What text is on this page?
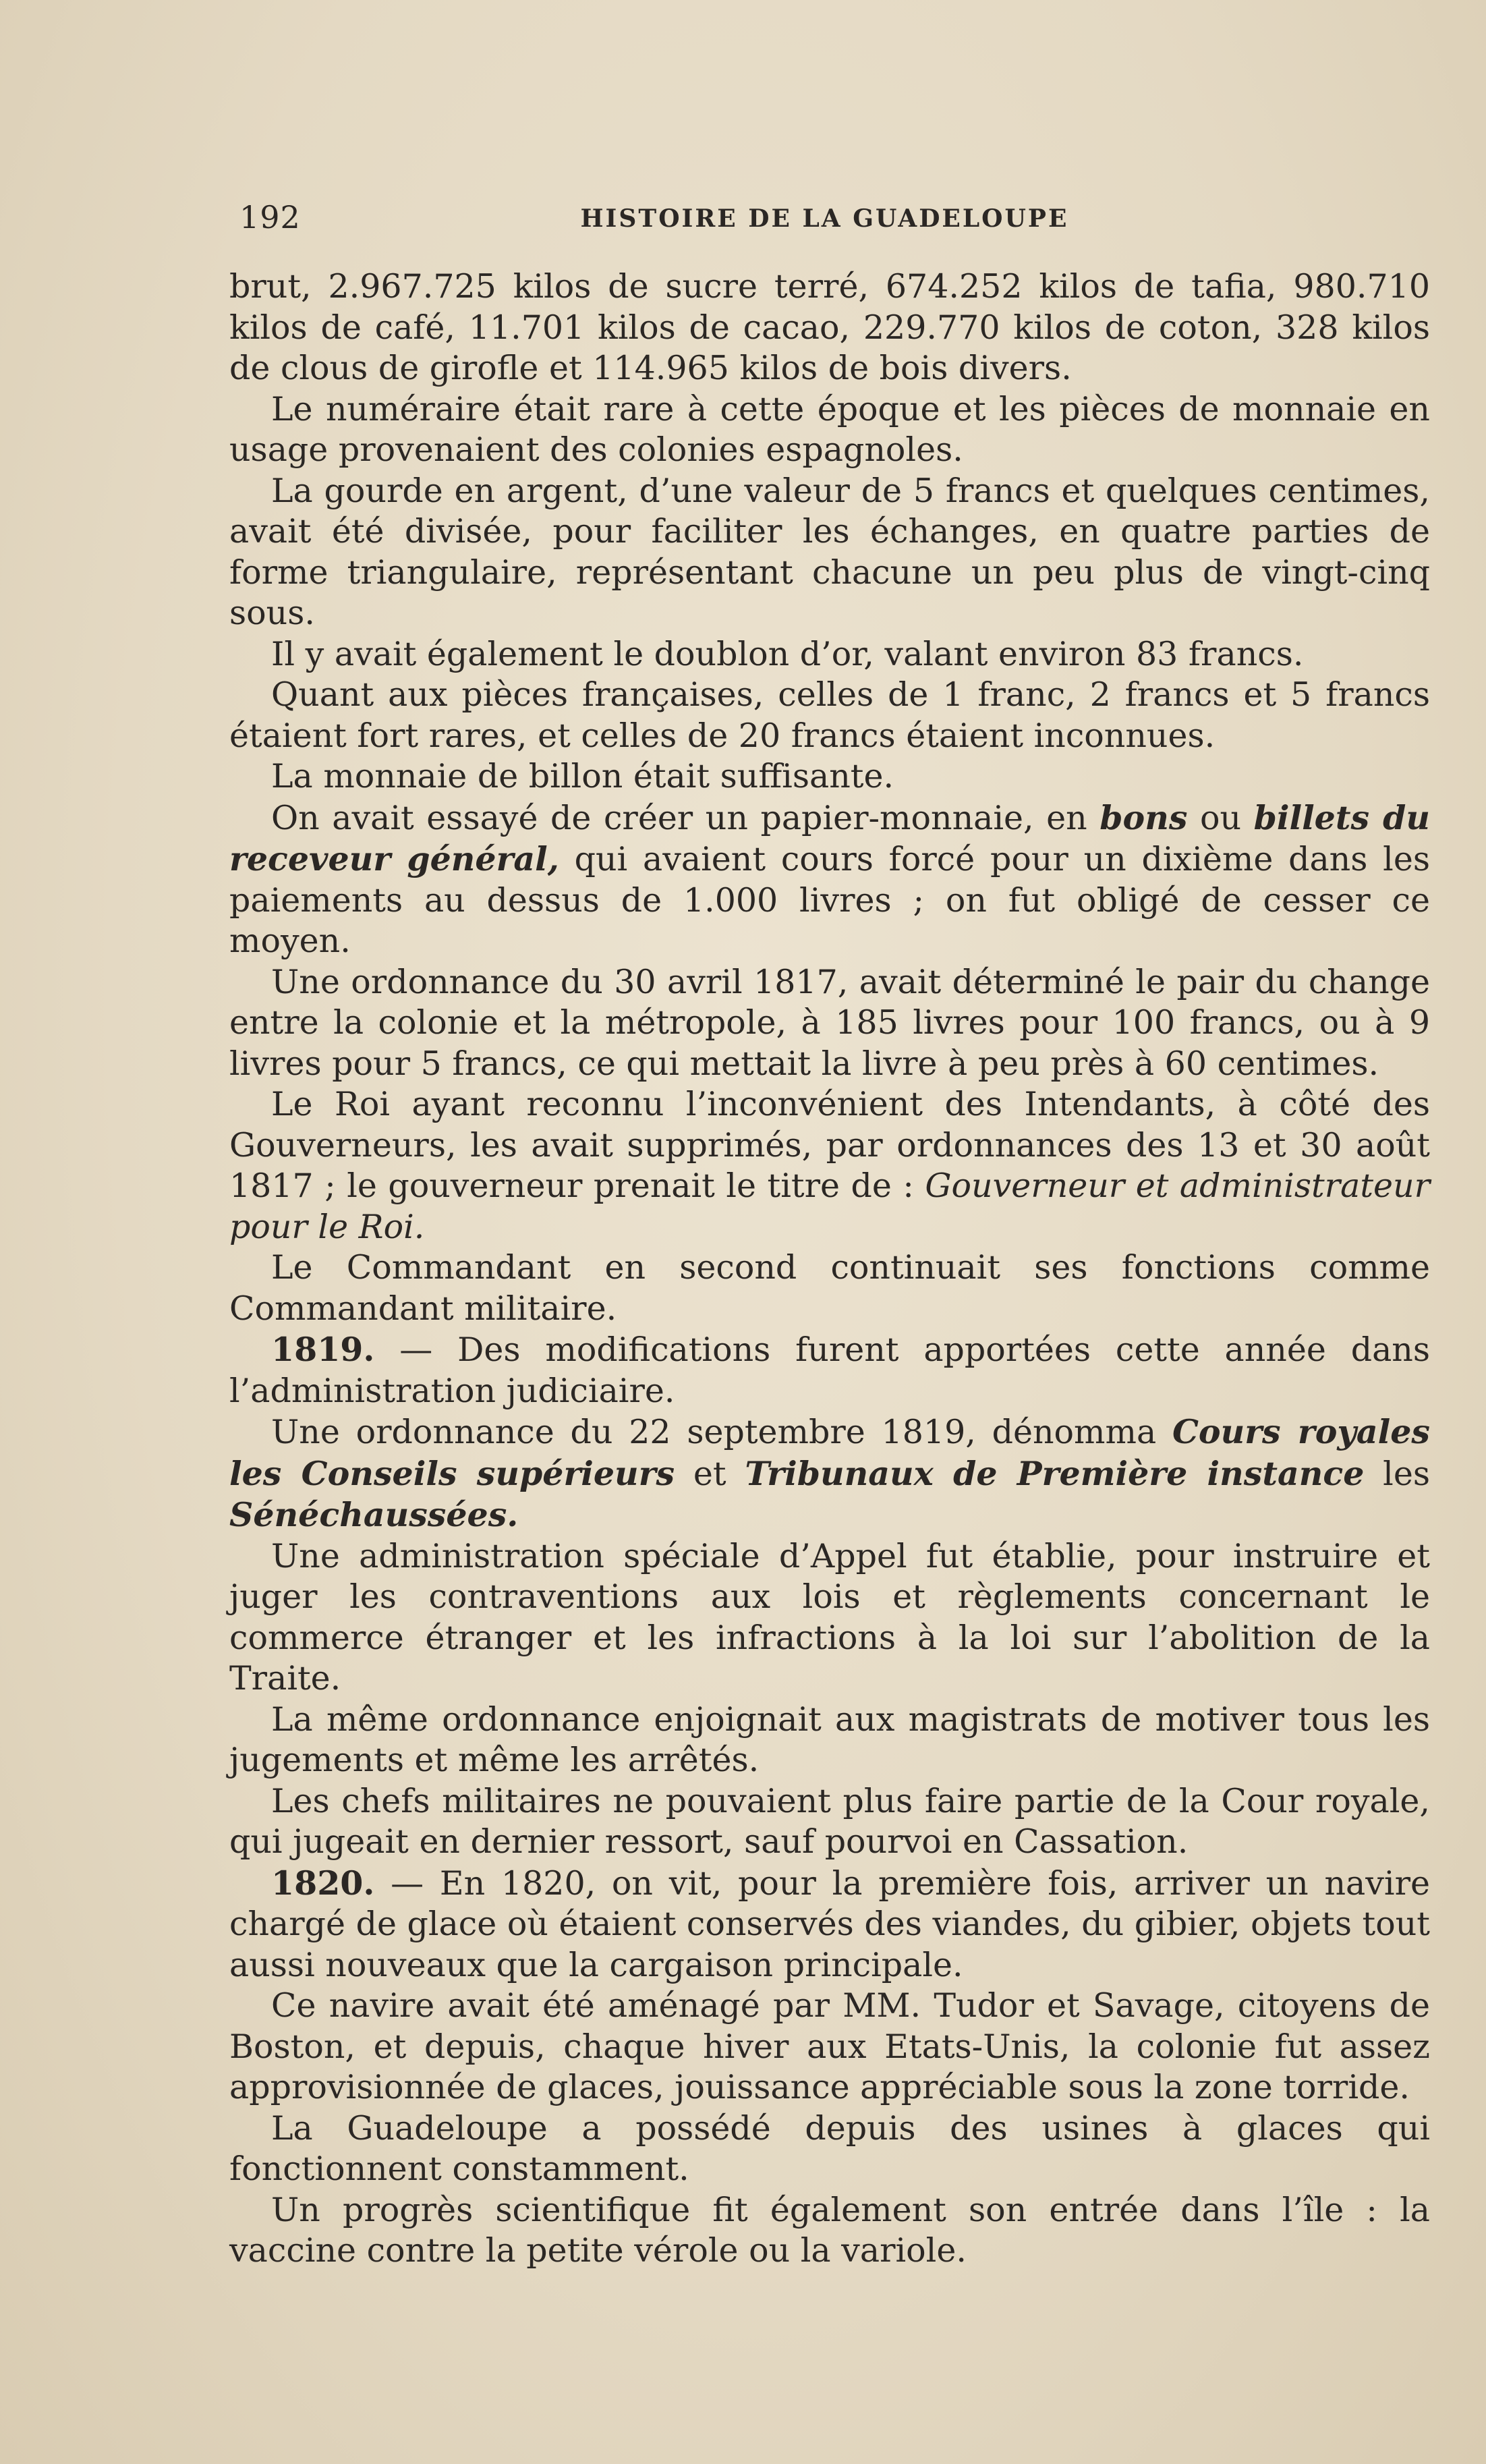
192	HISTOIRE DE LA GUADELOUPE

brut, 2.967.725 kilos de sucre terré, 674.252 kilos de tafia, 980.710 kilos de café, 11.701 kilos de cacao, 229.770 kilos de coton, 328 kilos de clous de girofle et 114.965 kilos de bois divers.

Le numéraire était rare à cette époque et les pièces de monnaie en usage provenaient des colonies espagnoles.

La gourde en argent, d’une valeur de 5 francs et quelques centimes, avait été divisée, pour faciliter les échanges, en quatre parties de forme triangulaire, représentant chacune un peu plus de vingt-cinq sous.

Il y avait également le doublon d’or, valant environ 83 francs.

Quant aux pièces françaises, celles de 1 franc, 2 francs et 5 francs étaient fort rares, et celles de 20 francs étaient inconnues.

La monnaie de billon était suffisante.

On avait essayé de créer un papier-monnaie, en bons ou billets du receveur général, qui avaient cours forcé pour un dixième dans les paiements au dessus de 1.000 livres ; on fut obligé de cesser ce moyen.

Une ordonnance du 30 avril 1817, avait déterminé le pair du change entre la colonie et la métropole, à 185 livres pour 100 francs, ou à 9 livres pour 5 francs, ce qui mettait la livre à peu près à 60 centimes.

Le Roi ayant reconnu l’inconvénient des Intendants, à côté des Gouverneurs, les avait supprimés, par ordonnances des 13 et 30 août 1817 ; le gouverneur prenait le titre de : Gouverneur et administrateur pour le Roi.

Le Commandant en second continuait ses fonctions comme Commandant militaire.

1819. — Des modifications furent apportées cette année dans l’administration judiciaire.

Une ordonnance du 22 septembre 1819, dénomma Cours royales les Conseils supérieurs et Tribunaux de Première instance les Sénéchaussées.

Une administration spéciale d’Appel fut établie, pour instruire et juger les contraventions aux lois et règlements concernant le commerce étranger et les infractions à la loi sur l’abolition de la Traite.

La même ordonnance enjoignait aux magistrats de motiver tous les jugements et même les arrêtés.

Les chefs militaires ne pouvaient plus faire partie de la Cour royale, qui jugeait en dernier ressort, sauf pourvoi en Cassation.

1820. — En 1820, on vit, pour la première fois, arriver un navire chargé de glace où étaient conservés des viandes, du gibier, objets tout aussi nouveaux que la cargaison principale.

Ce navire avait été aménagé par MM. Tudor et Savage, citoyens de Boston, et depuis, chaque hiver aux Etats-Unis, la colonie fut assez approvisionnée de glaces, jouissance appréciable sous la zone torride.

La Guadeloupe a possédé depuis des usines à glaces qui fonctionnent constamment.

Un progrès scientifique fit également son entrée dans l’île : la vaccine contre la petite vérole ou la variole.
